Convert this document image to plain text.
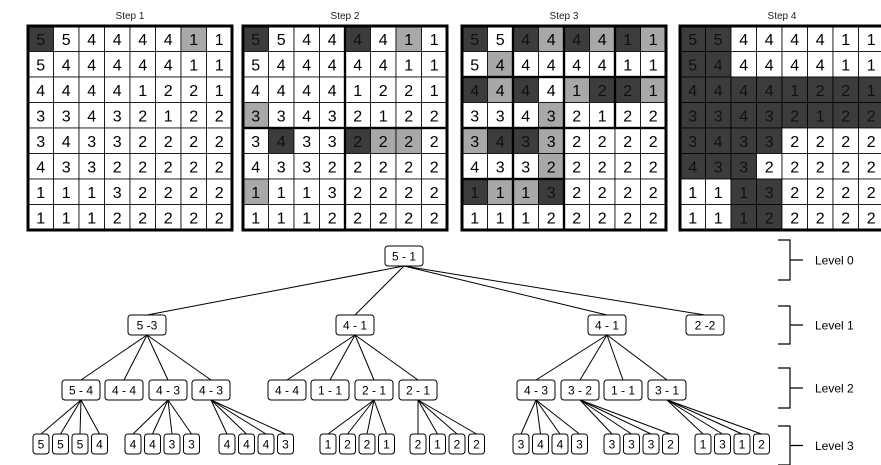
Step 1
5 5 4 4 4 4 1 1
5 4 4 4 4 4 1 1
4 4 4 4 1 2 2 1
3 3 4 3 2 1 2 2
3 4 3 3 2 2 2 2
4 3 3 2 2 2 2 2
1 1 1 3 2 2 2 2
1 1 1 2 2 2 2 2
Step 2
5 5 4 4 4 4 1 1
5 4 4 4 4 4 1 1
4 4 4 4 1 2 2 1
3 3 4 3 2 1 2 2
3 4 3 3 2 2 2 2
4 3 3 2 2 2 2 2
1 1 1 3 2 2 2 2
1 1 1 2 2 2 2 2
Step 3
5 5 4 4 4 4 1 1
5 4 4 4 4 4 1 1
4 4 4 4 1 2 2 1
3 3 4 3 2 1 2 2
3 4 3 3 2 2 2 2
4 3 3 2 2 2 2 2
1 1 1 3 2 2 2 2
1 1 1 2 2 2 2 2
Step 4
5 5 4 4 4 4 1 1
5 4 4 4 4 4 1 1
4 4 4 4 1 2 2 1
3 3 4 3 2 1 2 2
3 4 3 3 2 2 2 2
4 3 3 2 2 2 2 2
1 1 1 3 2 2 2 2
1 1 1 2 2 2 2 2
5 - 1
5 -3	4 - 1	4 - 1	2 -2
5 - 4 4 - 4 4 - 3 4 - 3	4 - 4 1 - 1 2 - 1 2 - 1	4 - 3 3 - 2 1 - 1 3 - 1
5 5 5 4 4 4 3 3 4 4 4 3	1 2 2 1 2 1 2 2	3 4 4 3 3 3 3 2 1 3 1 2
Level 0
Level 1
Level 2
Level 3
